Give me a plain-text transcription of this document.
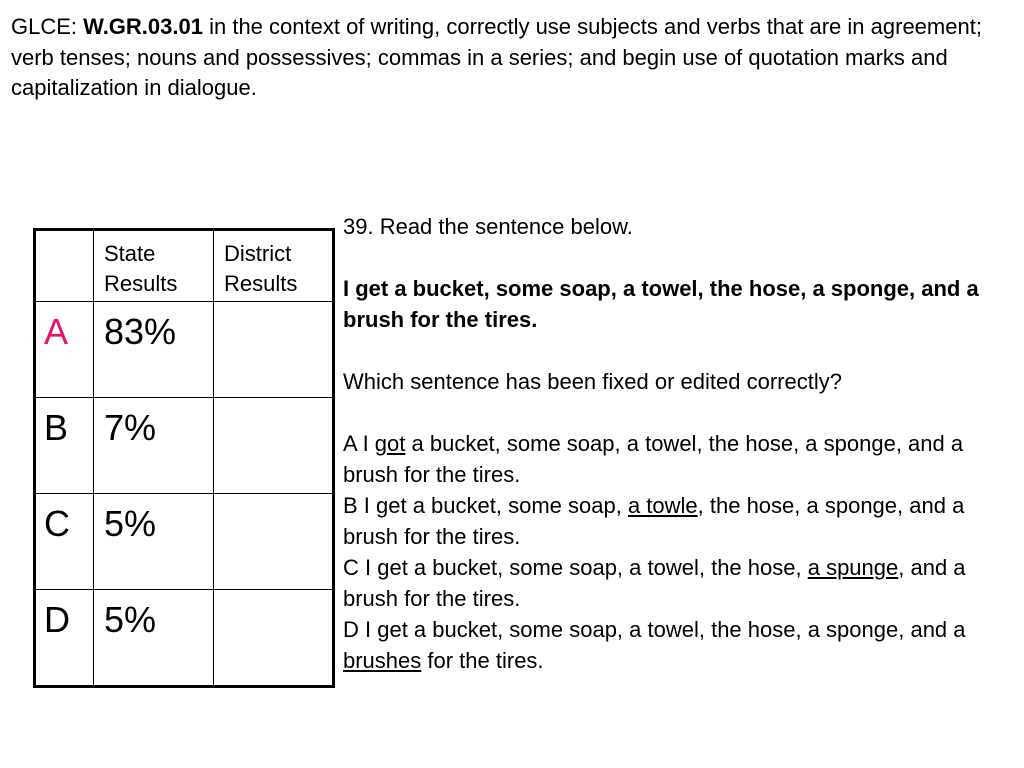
GLCE: W.GR.03.01 in the context of writing, correctly use subjects and verbs that are in agreement; verb tenses; nouns and possessives; commas in a series; and begin use of quotation marks and capitalization in dialogue.

	State Results	District Results

A	83%	

B	7%	

C	5%	

D	5%	

39. Read the sentence below.

I get a bucket, some soap, a towel, the hose, a sponge, and a brush for the tires.

Which sentence has been fixed or edited correctly?

A I got a bucket, some soap, a towel, the hose, a sponge, and a brush for the tires.

B I get a bucket, some soap, a towle, the hose, a sponge, and a brush for the tires.

C I get a bucket, some soap, a towel, the hose, a spunge, and a brush for the tires.

D I get a bucket, some soap, a towel, the hose, a sponge, and a brushes for the tires.
